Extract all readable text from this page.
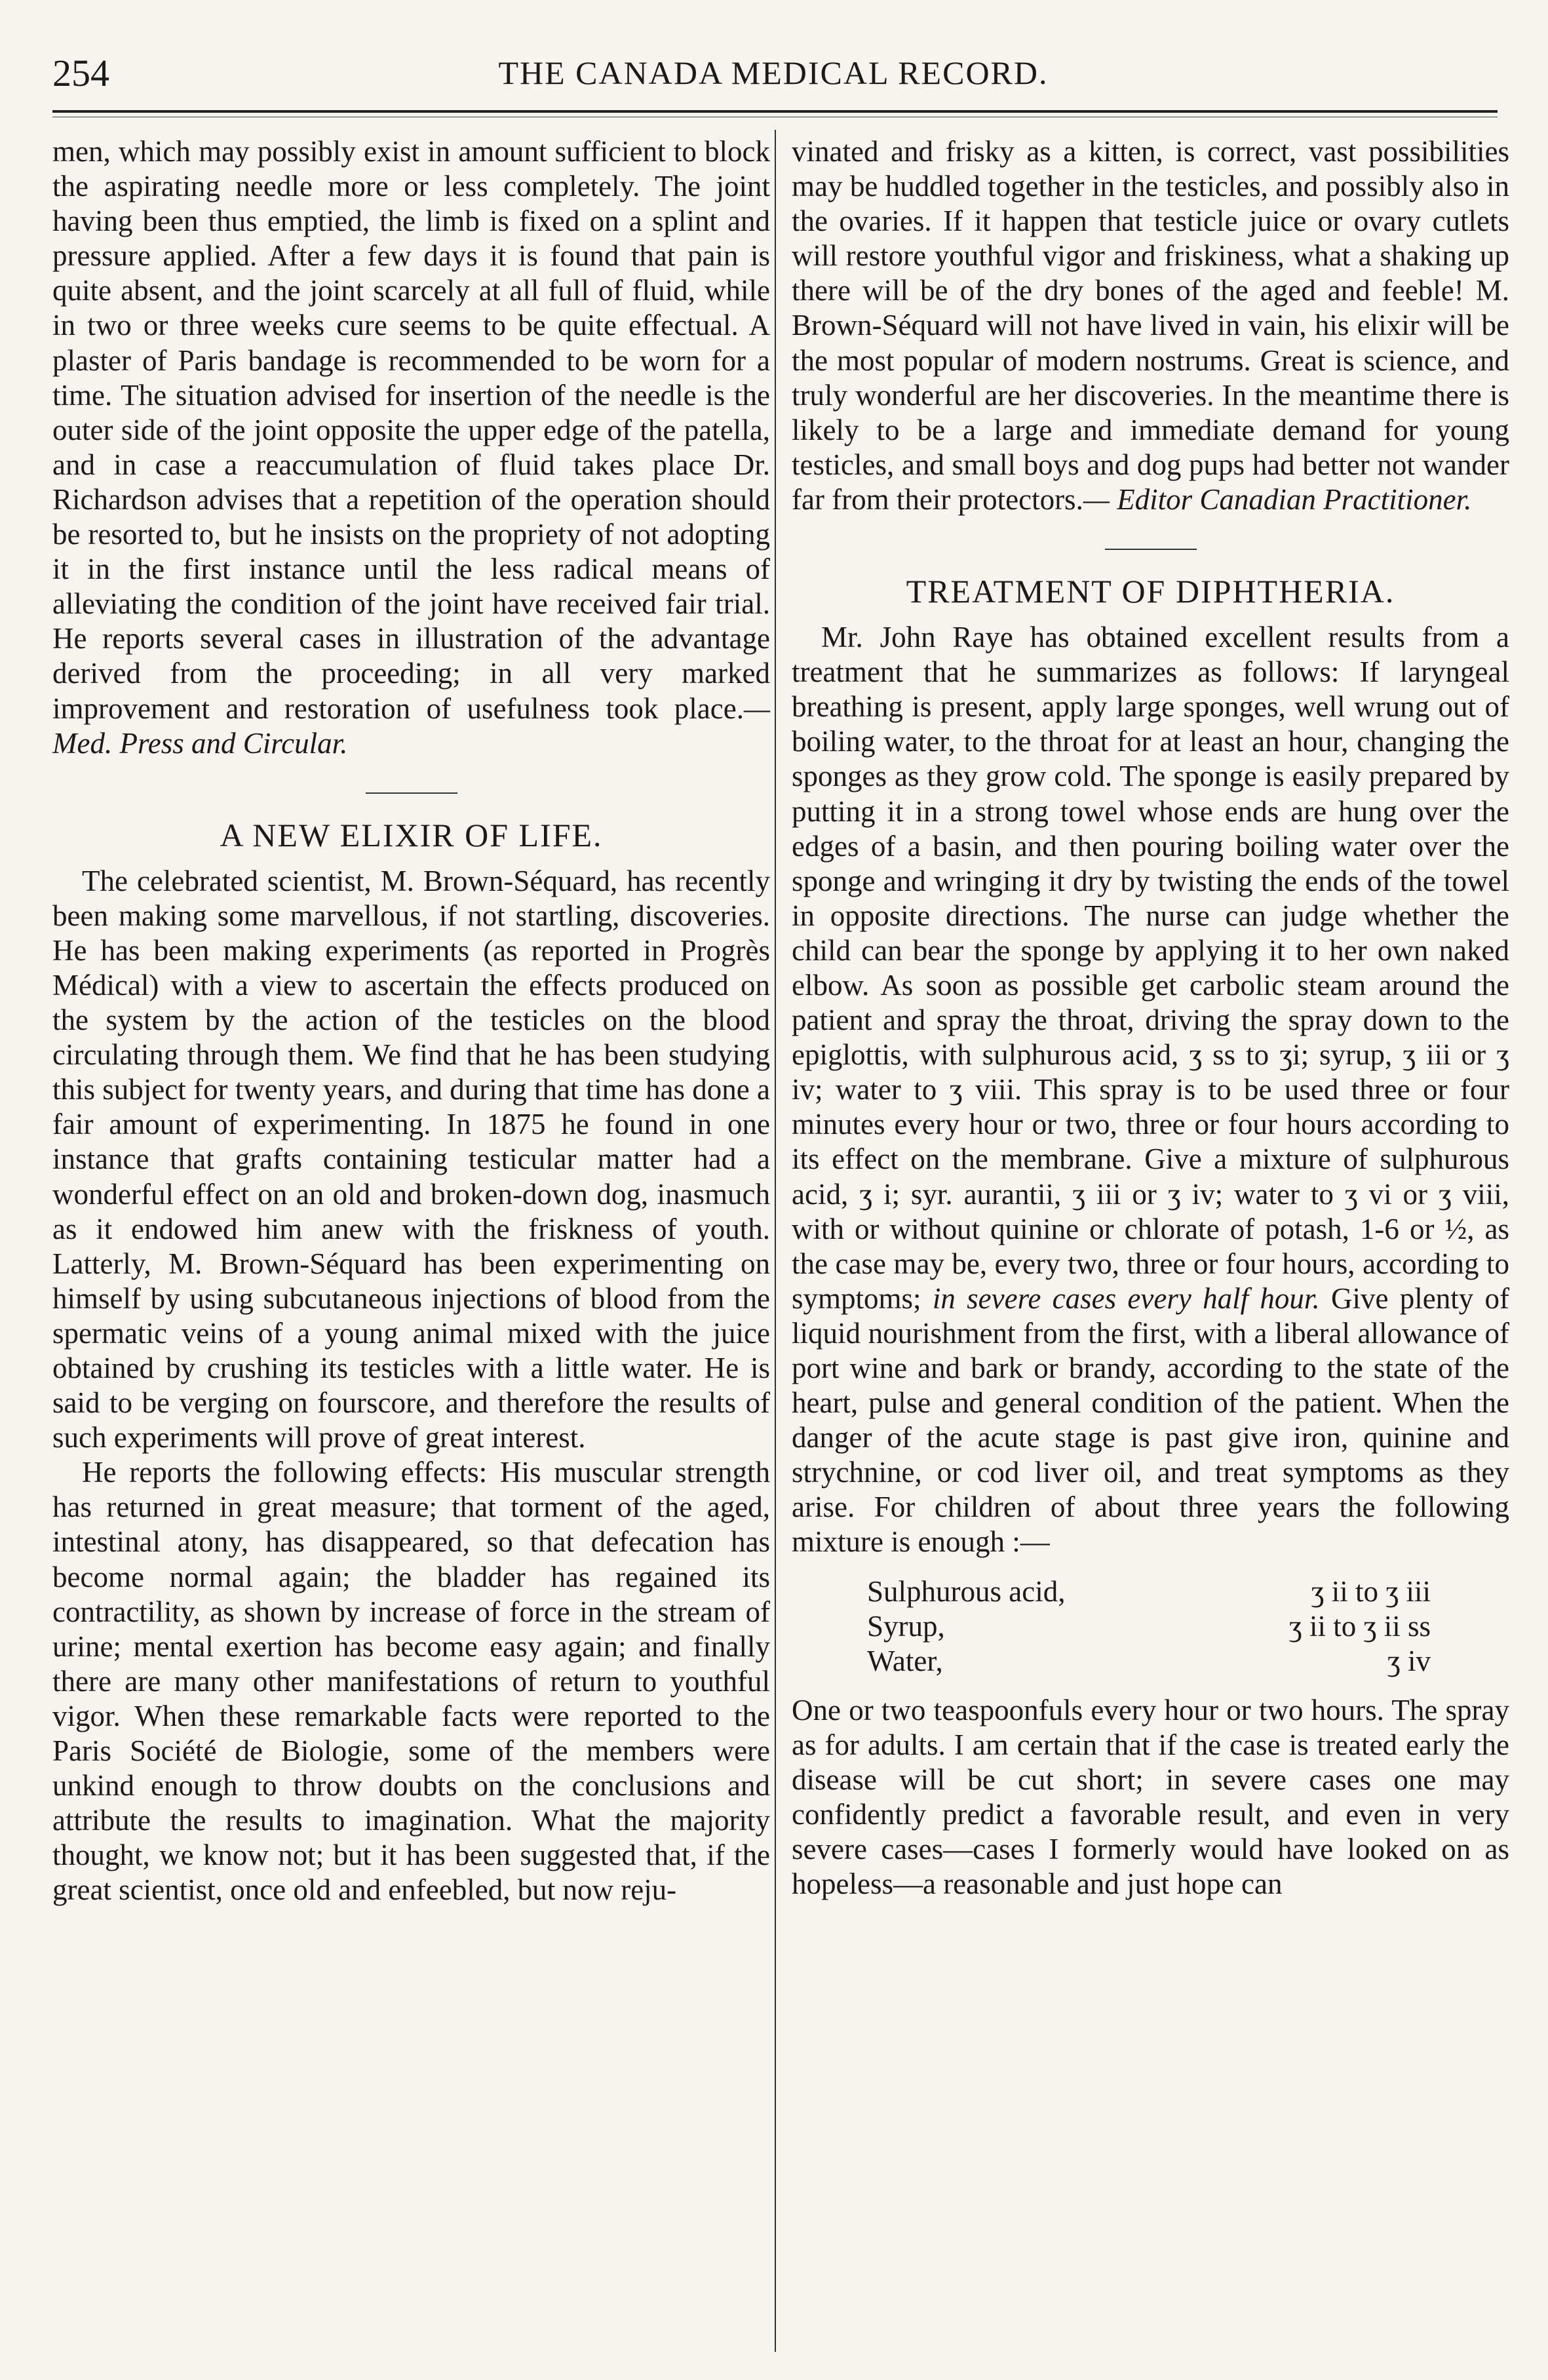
254	THE CANADA MEDICAL RECORD.

men, which may possibly exist in amount sufficient to block the aspirating needle more or less completely. The joint having been thus emptied, the limb is fixed on a splint and pressure applied. After a few days it is found that pain is quite absent, and the joint scarcely at all full of fluid, while in two or three weeks cure seems to be quite effectual. A plaster of Paris bandage is recommended to be worn for a time. The situation advised for insertion of the needle is the outer side of the joint opposite the upper edge of the patella, and in case a reaccumulation of fluid takes place Dr. Richardson advises that a repetition of the operation should be resorted to, but he insists on the propriety of not adopting it in the first instance until the less radical means of alleviating the condition of the joint have received fair trial. He reports several cases in illustration of the advantage derived from the proceeding; in all very marked improvement and restoration of usefulness took place.—Med. Press and Circular.

A NEW ELIXIR OF LIFE.

The celebrated scientist, M. Brown-Séquard, has recently been making some marvellous, if not startling, discoveries. He has been making experiments (as reported in Progrès Médical) with a view to ascertain the effects produced on the system by the action of the testicles on the blood circulating through them. We find that he has been studying this subject for twenty years, and during that time has done a fair amount of experimenting. In 1875 he found in one instance that grafts containing testicular matter had a wonderful effect on an old and broken-down dog, inasmuch as it endowed him anew with the friskness of youth. Latterly, M. Brown-Séquard has been experimenting on himself by using subcutaneous injections of blood from the spermatic veins of a young animal mixed with the juice obtained by crushing its testicles with a little water. He is said to be verging on fourscore, and therefore the results of such experiments will prove of great interest.

He reports the following effects: His muscular strength has returned in great measure; that torment of the aged, intestinal atony, has disappeared, so that defecation has become normal again; the bladder has regained its contractility, as shown by increase of force in the stream of urine; mental exertion has become easy again; and finally there are many other manifestations of return to youthful vigor. When these remarkable facts were reported to the Paris Société de Biologie, some of the members were unkind enough to throw doubts on the conclusions and attribute the results to imagination. What the majority thought, we know not; but it has been suggested that, if the great scientist, once old and enfeebled, but now reju-

vinated and frisky as a kitten, is correct, vast possibilities may be huddled together in the testicles, and possibly also in the ovaries. If it happen that testicle juice or ovary cutlets will restore youthful vigor and friskiness, what a shaking up there will be of the dry bones of the aged and feeble! M. Brown-Séquard will not have lived in vain, his elixir will be the most popular of modern nostrums. Great is science, and truly wonderful are her discoveries. In the meantime there is likely to be a large and immediate demand for young testicles, and small boys and dog pups had better not wander far from their protectors.— Editor Canadian Practitioner.

TREATMENT OF DIPHTHERIA.

Mr. John Raye has obtained excellent results from a treatment that he summarizes as follows: If laryngeal breathing is present, apply large sponges, well wrung out of boiling water, to the throat for at least an hour, changing the sponges as they grow cold. The sponge is easily prepared by putting it in a strong towel whose ends are hung over the edges of a basin, and then pouring boiling water over the sponge and wringing it dry by twisting the ends of the towel in opposite directions. The nurse can judge whether the child can bear the sponge by applying it to her own naked elbow. As soon as possible get carbolic steam around the patient and spray the throat, driving the spray down to the epiglottis, with sulphurous acid, ʒ ss to ʒi; syrup, ʒ iii or ʒ iv; water to ʒ viii. This spray is to be used three or four minutes every hour or two, three or four hours according to its effect on the membrane. Give a mixture of sulphurous acid, ʒ i; syr. aurantii, ʒ iii or ʒ iv; water to ʒ vi or ʒ viii, with or without quinine or chlorate of potash, 1-6 or ½, as the case may be, every two, three or four hours, according to symptoms; in severe cases every half hour. Give plenty of liquid nourishment from the first, with a liberal allowance of port wine and bark or brandy, according to the state of the heart, pulse and general condition of the patient. When the danger of the acute stage is past give iron, quinine and strychnine, or cod liver oil, and treat symptoms as they arise. For children of about three years the following mixture is enough :—

Sulphurous acid,	ʒ ii to ʒ iii
Syrup,	ʒ ii to ʒ ii ss
Water,	ʒ iv

One or two teaspoonfuls every hour or two hours. The spray as for adults. I am certain that if the case is treated early the disease will be cut short; in severe cases one may confidently predict a favorable result, and even in very severe cases—cases I formerly would have looked on as hopeless—a reasonable and just hope can
